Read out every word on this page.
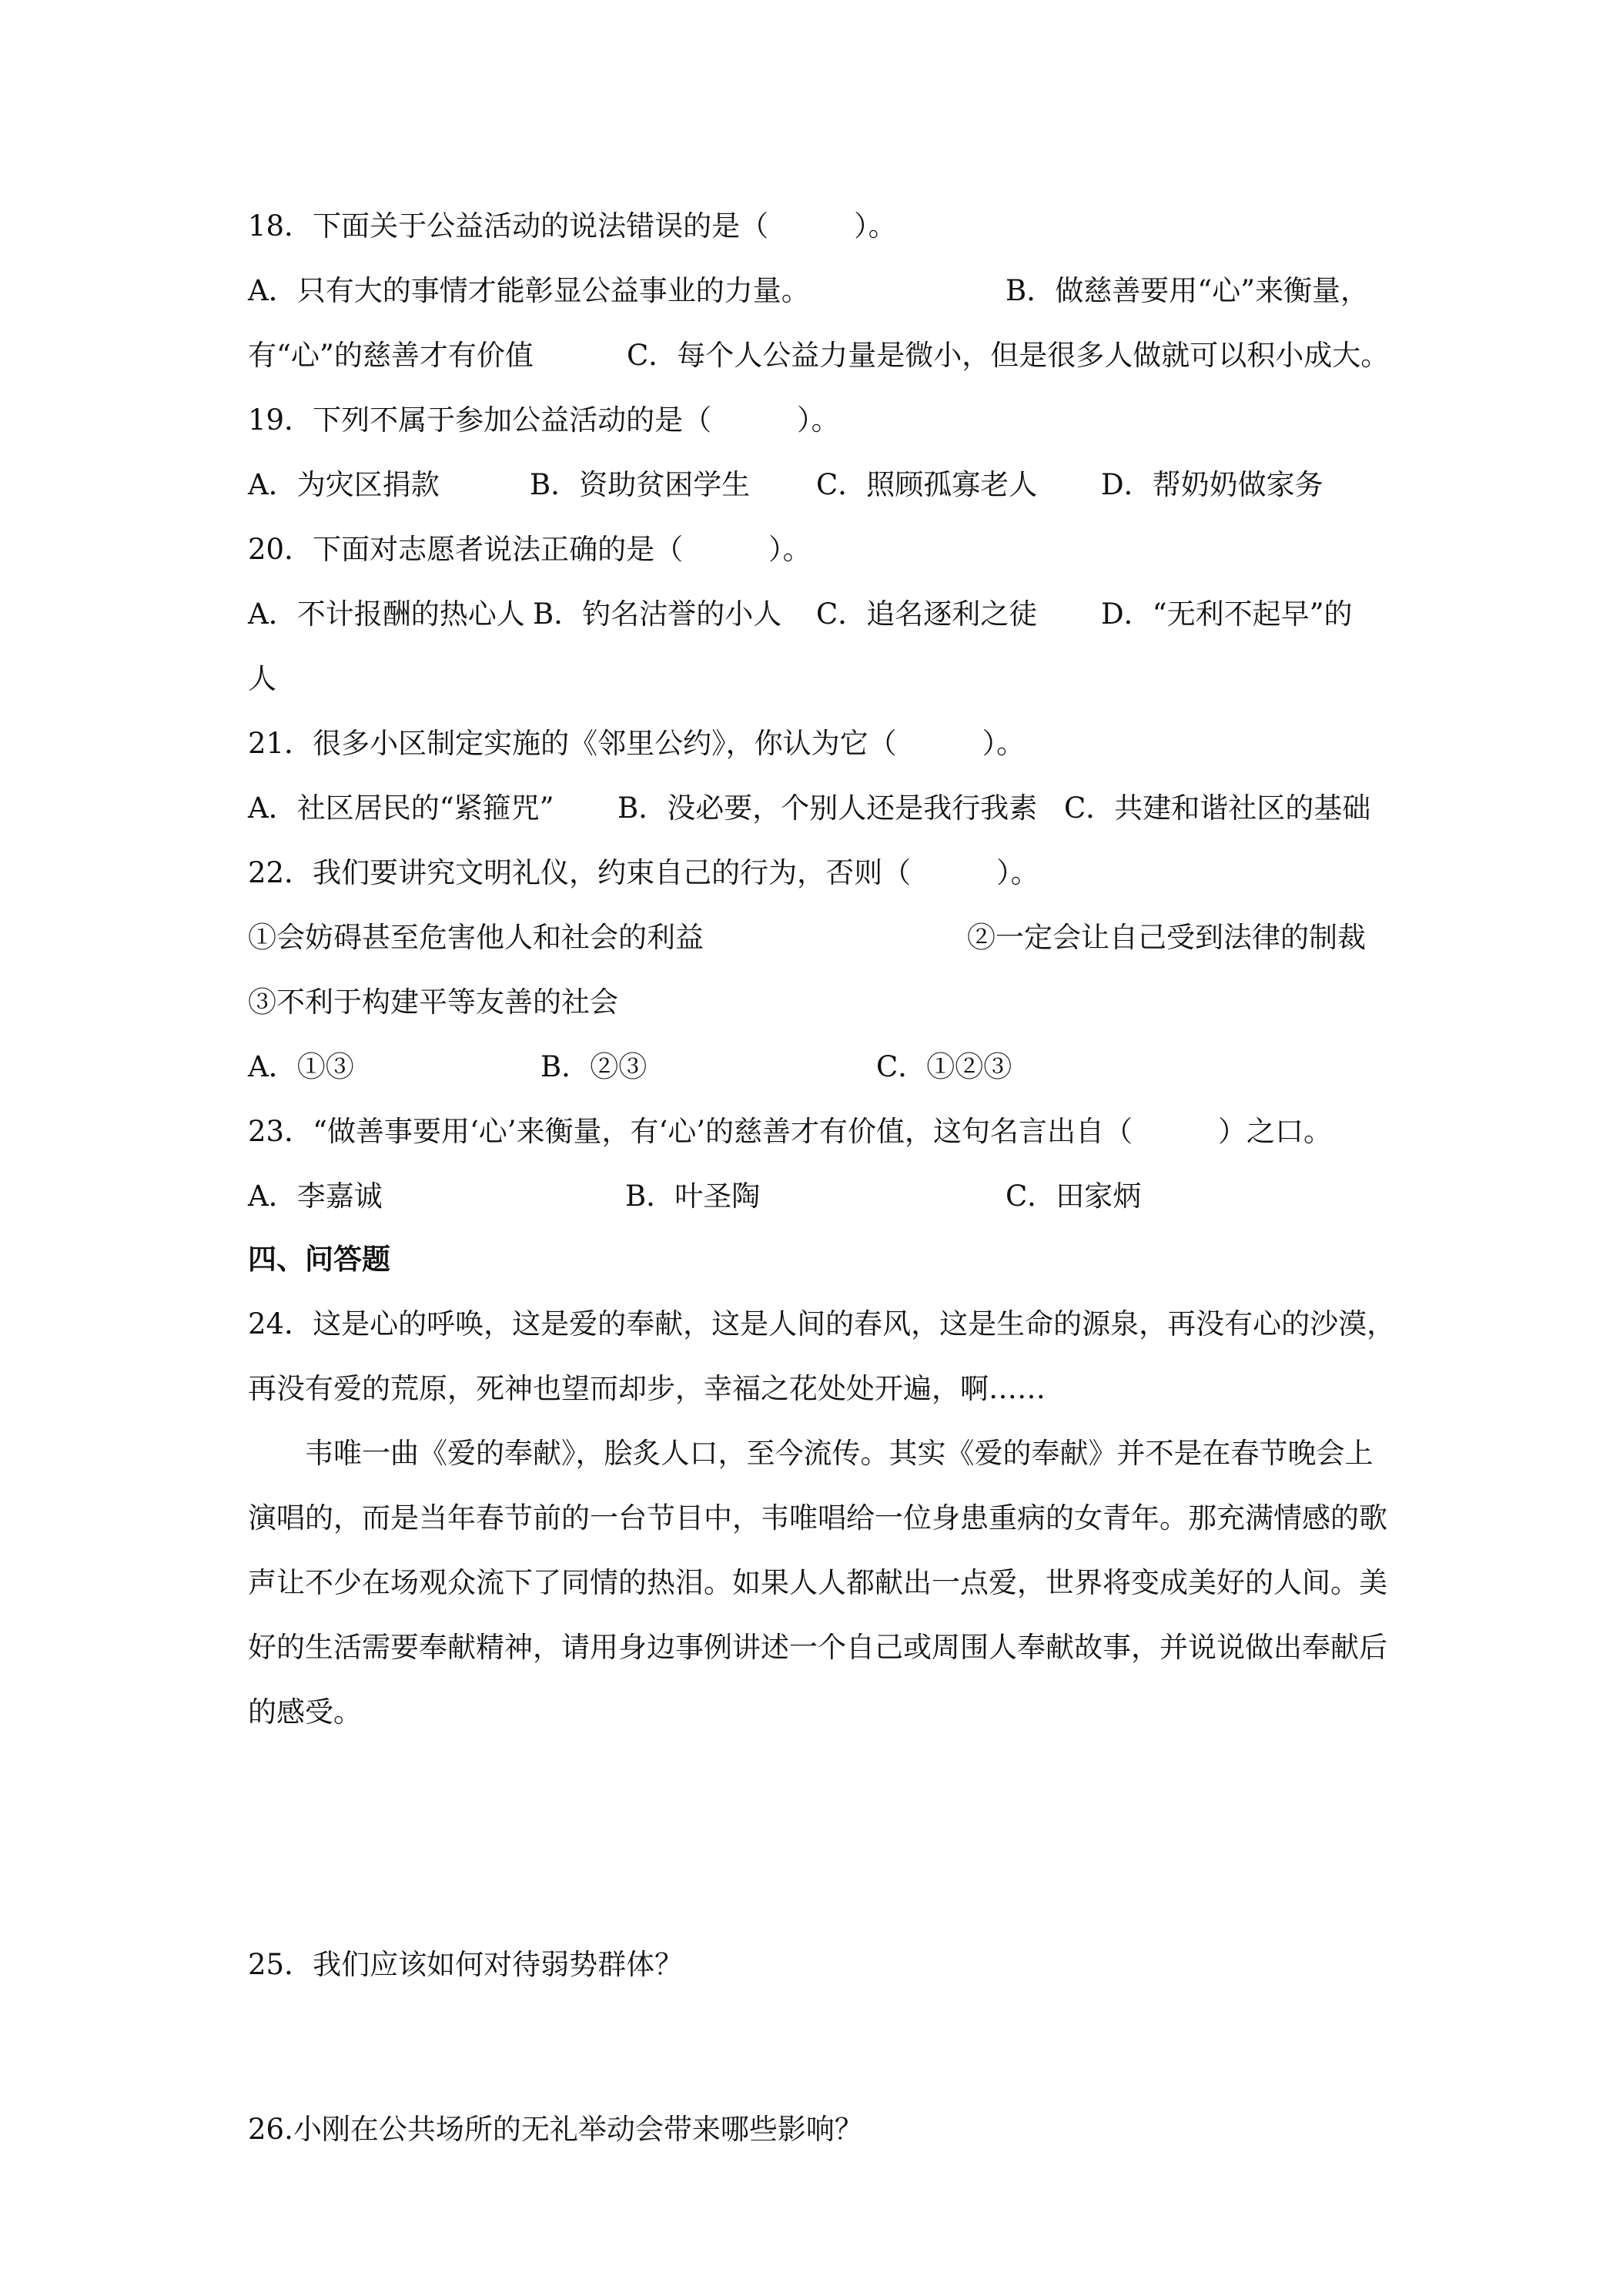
18．下面关于公益活动的说法错误的是（　　　）。
A．只有大的事情才能彰显公益事业的力量。	B．做慈善要用“心”来衡量，
有“心”的慈善才有价值	C．每个人公益力量是微小，但是很多人做就可以积小成大。
19．下列不属于参加公益活动的是（　　　）。
A．为灾区捐款	B．资助贫困学生 C．照顾孤寡老人 D．帮奶奶做家务
20．下面对志愿者说法正确的是（　　　）。
A．不计报酬的热心人 B．钓名沽誉的小人 C．追名逐利之徒 D．“无利不起早”的
人
21．很多小区制定实施的《邻里公约》，你认为它（　　　）。
A．社区居民的“紧箍咒” B．没必要，个别人还是我行我素 C．共建和谐社区的基础
22．我们要讲究文明礼仪，约束自己的行为，否则（　　　）。
①会妨碍甚至危害他人和社会的利益	②一定会让自己受到法律的制裁
③不利于构建平等友善的社会
A．①③	B．②③	C．①②③
23．“做善事要用‘心’来衡量，有‘心’的慈善才有价值，这句名言出自（　　　）之口。
A．李嘉诚	B．叶圣陶	C．田家炳
四、问答题
24．这是心的呼唤，这是爱的奉献，这是人间的春风，这是生命的源泉，再没有心的沙漠，
再没有爱的荒原，死神也望而却步，幸福之花处处开遍，啊……
韦唯一曲《爱的奉献》，脍炙人口，至今流传。其实《爱的奉献》并不是在春节晚会上
演唱的，而是当年春节前的一台节目中，韦唯唱给一位身患重病的女青年。那充满情感的歌
声让不少在场观众流下了同情的热泪。如果人人都献出一点爱，世界将变成美好的人间。美
好的生活需要奉献精神，请用身边事例讲述一个自己或周围人奉献故事，并说说做出奉献后
的感受。
25．我们应该如何对待弱势群体？
26.小刚在公共场所的无礼举动会带来哪些影响？
